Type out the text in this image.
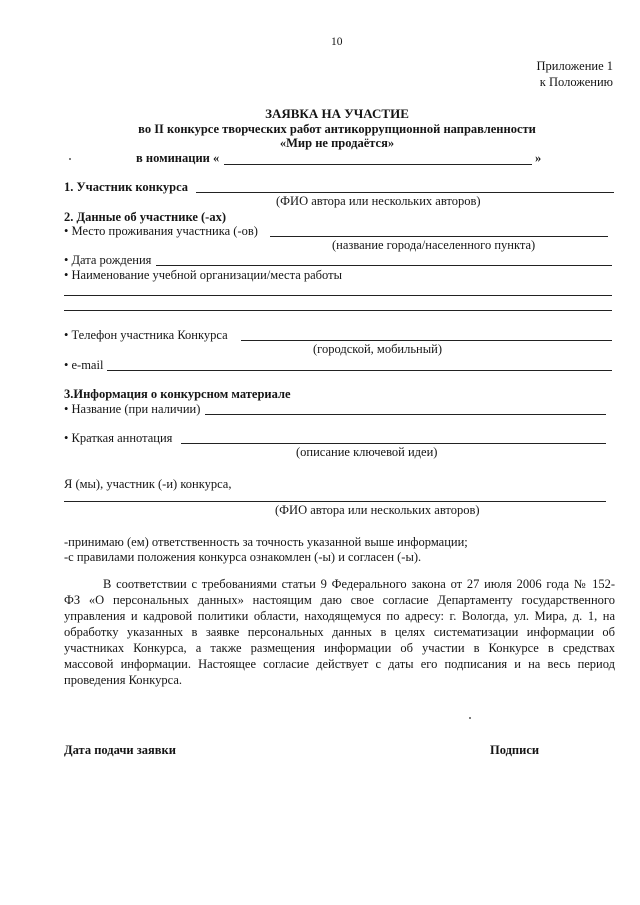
10
Приложение 1
к Положению
ЗАЯВКА НА УЧАСТИЕ
во II конкурсе творческих работ антикоррупционной направленности
«Мир не продаётся»
в номинации «	»
1. Участник конкурса
(ФИО автора или нескольких авторов)
2. Данные об участнике (-ах)
• Место проживания участника (-ов)
(название города/населенного пункта)
• Дата рождения
• Наименование учебной организации/места работы
• Телефон участника Конкурса
(городской, мобильный)
• e-mail
3.Информация о конкурсном материале
• Название (при наличии)
• Краткая аннотация
(описание ключевой идеи)
Я (мы), участник (-и) конкурса,
(ФИО автора или нескольких авторов)
-принимаю (ем) ответственность за точность указанной выше информации;
-с правилами положения конкурса ознакомлен (-ы) и согласен (-ы).
В соответствии с требованиями статьи 9 Федерального закона от 27 июля 2006 года № 152-
ФЗ «О персональных данных» настоящим даю свое согласие Департаменту государственного
управления и кадровой политики области, находящемуся по адресу: г. Вологда, ул. Мира, д. 1, на
обработку указанных в заявке персональных данных в целях систематизации информации об
участниках Конкурса, а также размещения информации об участии в Конкурсе в средствах
массовой информации. Настоящее согласие действует с даты его подписания и на весь период
проведения Конкурса.
Дата подачи заявки	Подписи
